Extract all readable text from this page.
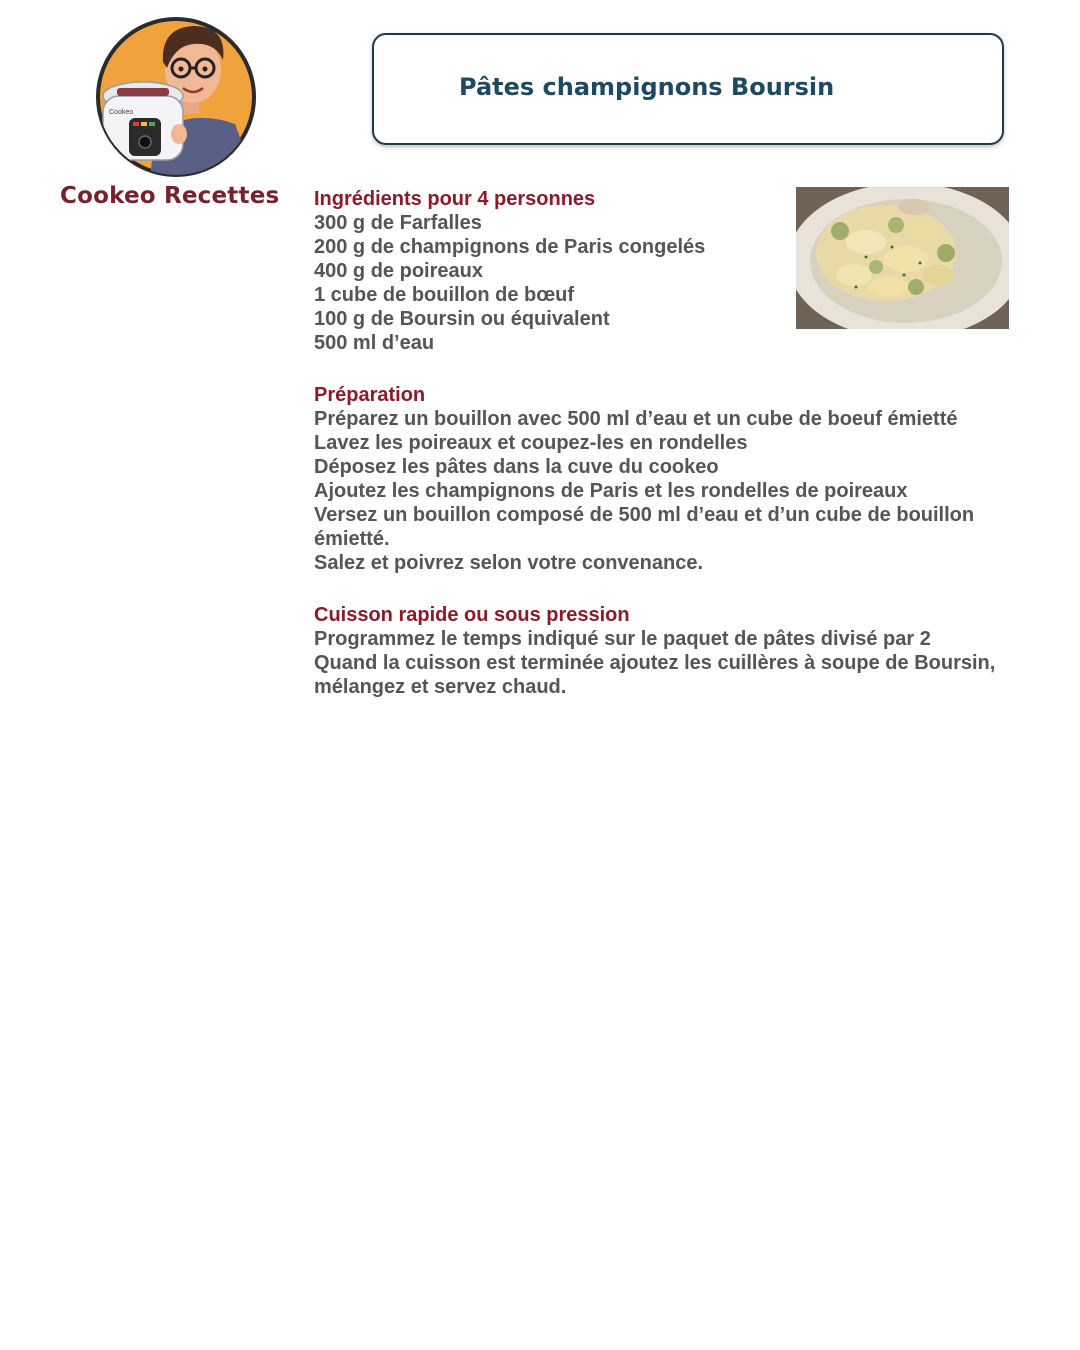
Cookeo
Cookeo Recettes
Pâtes champignons Boursin
Ingrédients pour 4 personnes
300 g de Farfalles
200 g de champignons de Paris congelés
400 g de poireaux
1 cube de bouillon de bœuf
100 g de Boursin ou équivalent
500 ml d’eau
Préparation
Préparez un bouillon avec 500 ml d’eau et un cube de boeuf émietté
Lavez les poireaux et coupez-les en rondelles
Déposez les pâtes dans la cuve du cookeo
Ajoutez les champignons de Paris et les rondelles de poireaux
Versez un bouillon composé de 500 ml d’eau et d’un cube de bouillon émietté.
Salez et poivrez selon votre convenance.
Cuisson rapide ou sous pression
Programmez le temps indiqué sur le paquet de pâtes divisé par 2
Quand la cuisson est terminée ajoutez les cuillères à soupe de Boursin, mélangez et servez chaud.
